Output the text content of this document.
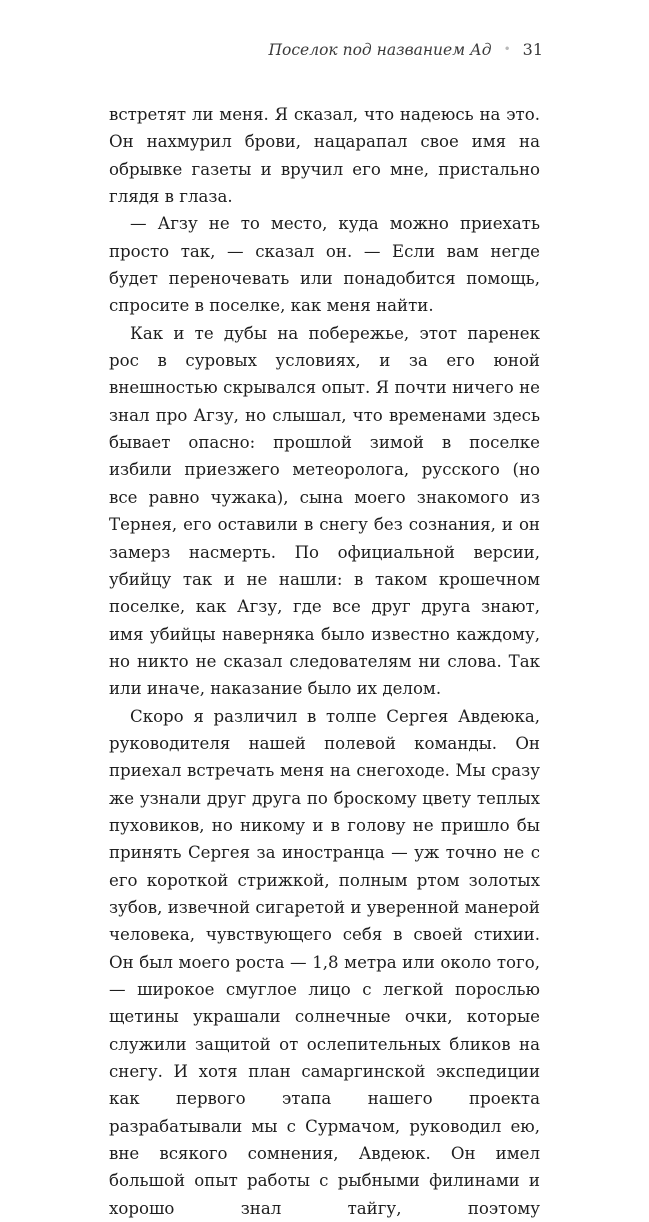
Поселок под названием Ад • 31

встретят ли меня. Я сказал, что надеюсь на это. Он нахмурил брови, нацарапал свое имя на обрывке газеты и вручил его мне, пристально глядя в глаза.

— Агзу не то место, куда можно приехать просто так, — сказал он. — Если вам негде будет переночевать или понадобится помощь, спросите в поселке, как меня найти.

Как и те дубы на побережье, этот паренек рос в суровых условиях, и за его юной внешностью скрывался опыт. Я почти ничего не знал про Агзу, но слышал, что временами здесь бывает опасно: прошлой зимой в поселке избили приезжего метеоролога, русского (но все равно чужака), сына моего знакомого из Тернея, его оставили в снегу без сознания, и он замерз насмерть. По официальной версии, убийцу так и не нашли: в таком крошечном поселке, как Агзу, где все друг друга знают, имя убийцы наверняка было известно каждому, но никто не сказал следователям ни слова. Так или иначе, наказание было их делом.

Скоро я различил в толпе Сергея Авдеюка, руководителя нашей полевой команды. Он приехал встречать меня на снегоходе. Мы сразу же узнали друг друга по броскому цвету теплых пуховиков, но никому и в голову не пришло бы принять Сергея за иностранца — уж точно не с его короткой стрижкой, полным ртом золотых зубов, извечной сигаретой и уверенной манерой человека, чувствующего себя в своей стихии. Он был моего роста — 1,8 метра или около того, — широкое смуглое лицо с легкой порослью щетины украшали солнечные очки, которые служили защитой от ослепительных бликов на снегу. И хотя план самаргинской экспедиции как первого этапа нашего проекта разрабатывали мы с Сурмачом, руководил ею, вне всякого сомнения, Авдеюк. Он имел большой опыт работы с рыбными филинами и хорошо знал тайгу, поэтому
